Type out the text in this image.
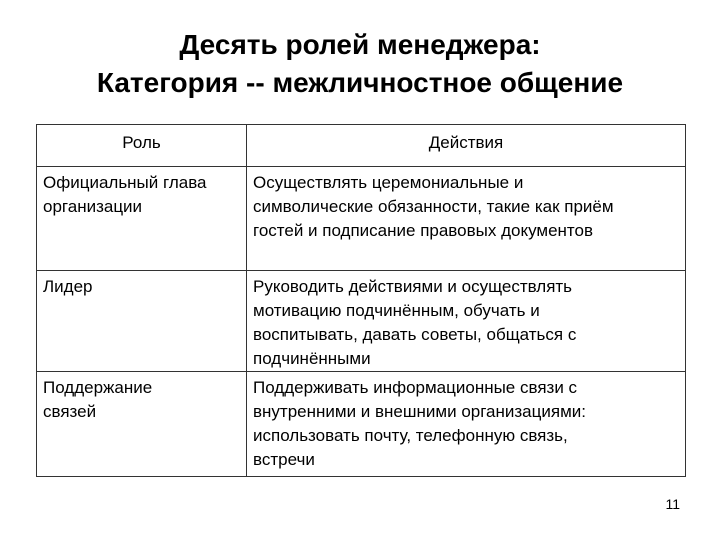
Десять ролей менеджера:
Категория -- межличностное общение
Роль	Действия

Официальный глава
организации	Осуществлять церемониальные и
символические обязанности, такие как приём
гостей и подписание правовых документов

Лидер	Руководить действиями и осуществлять
мотивацию подчинённым, обучать и
воспитывать, давать советы, общаться с
подчинёнными

Поддержание
связей	Поддерживать информационные связи с
внутренними и внешними организациями:
использовать почту, телефонную связь,
встречи
11
